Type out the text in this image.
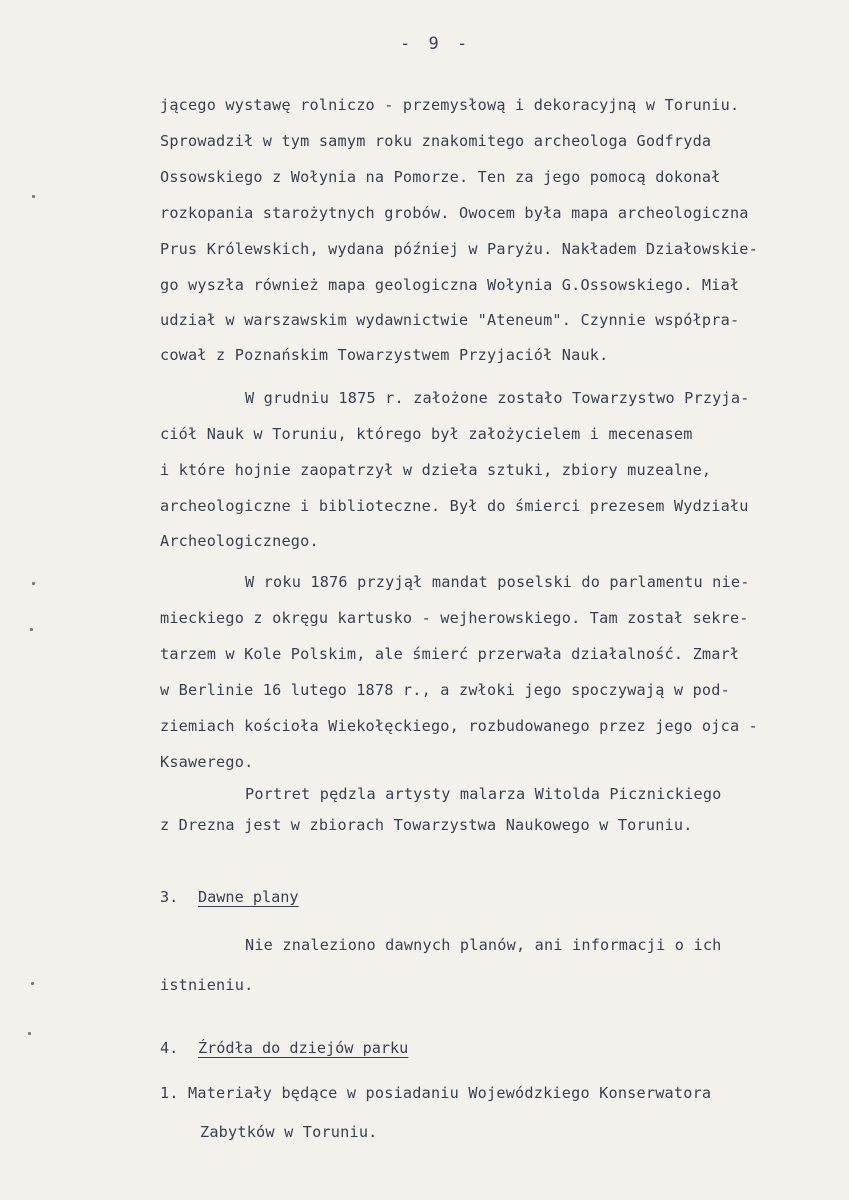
- 9 -
jącego wystawę rolniczo - przemysłową i dekoracyjną w Toruniu.
Sprowadził w tym samym roku znakomitego archeologa Godfryda
Ossowskiego z Wołynia na Pomorze. Ten za jego pomocą dokonał
rozkopania starożytnych grobów. Owocem była mapa archeologiczna
Prus Królewskich, wydana później w Paryżu. Nakładem Działowskie-
go wyszła również mapa geologiczna Wołynia G.Ossowskiego. Miał
udział w warszawskim wydawnictwie "Ateneum". Czynnie współpra-
cował z Poznańskim Towarzystwem Przyjaciół Nauk.
W grudniu 1875 r. założone zostało Towarzystwo Przyja-
ciół Nauk w Toruniu, którego był założycielem i mecenasem
i które hojnie zaopatrzył w dzieła sztuki, zbiory muzealne,
archeologiczne i biblioteczne. Był do śmierci prezesem Wydziału
Archeologicznego.
W roku 1876 przyjął mandat poselski do parlamentu nie-
mieckiego z okręgu kartusko - wejherowskiego. Tam został sekre-
tarzem w Kole Polskim, ale śmierć przerwała działalność. Zmarł
w Berlinie 16 lutego 1878 r., a zwłoki jego spoczywają w pod-
ziemiach kościoła Wiekołęckiego, rozbudowanego przez jego ojca -
Ksawerego.
Portret pędzla artysty malarza Witolda Picznickiego
z Drezna jest w zbiorach Towarzystwa Naukowego w Toruniu.
3. Dawne plany
Nie znaleziono dawnych planów, ani informacji o ich
istnieniu.
4. Źródła do dziejów parku
1. Materiały będące w posiadaniu Wojewódzkiego Konserwatora
Zabytków w Toruniu.
